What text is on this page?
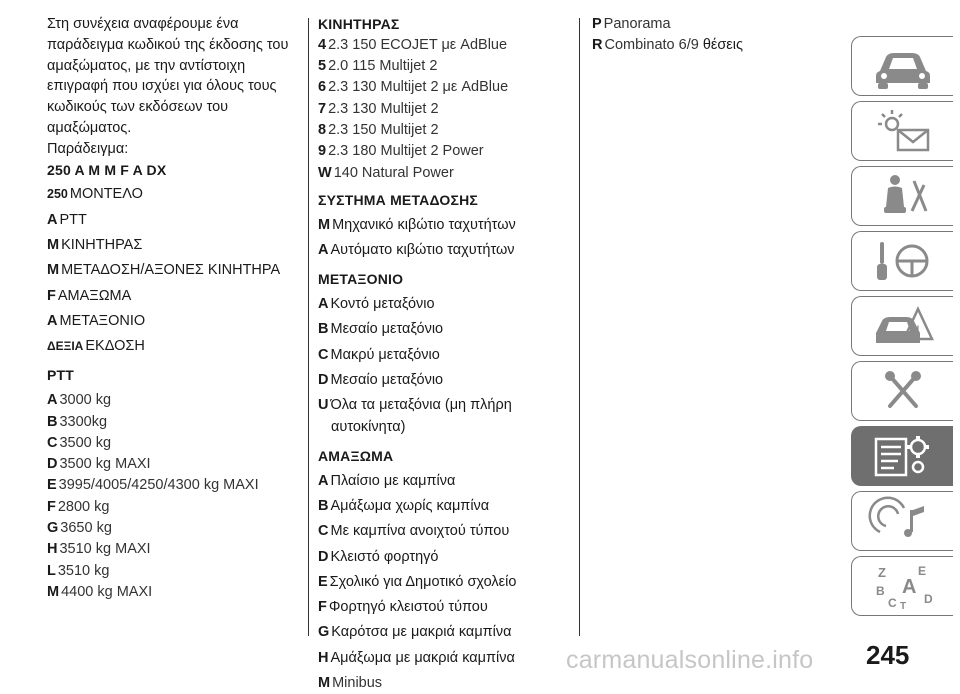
Στη συνέχεια αναφέρουμε ένα

παράδειγμα κωδικού της έκδοσης του

αμαξώματος, με την αντίστοιχη

επιγραφή που ισχύει για όλους τους

κωδικούς των εκδόσεων του

αμαξώματος.

Παράδειγμα:

250 A M M F A DX

250 ΜΟΝΤΕΛΟ
A PTT
M ΚΙΝΗΤΗΡΑΣ
M ΜΕΤΑΔΟΣΗ/ΑΞΟΝΕΣ ΚΙΝΗΤΗΡΑ
F ΑΜΑΞΩΜΑ
A ΜΕΤΑΞΟΝΙΟ
ΔΕΞΙΑ ΕΚΔΟΣΗ

PTT

A 3000 kg
B 3300kg
C 3500 kg
D 3500 kg MAXI
E 3995/4005/4250/4300 kg MAXI
F 2800 kg
G 3650 kg
H 3510 kg MAXI
L 3510 kg
M 4400 kg MAXI

ΚΙΝΗΤΗΡΑΣ

4 2.3 150 ECOJET με AdBlue
5 2.0 115 Multijet 2
6 2.3 130 Multijet 2 με AdBlue
7 2.3 130 Multijet 2
8 2.3 150 Multijet 2
9 2.3 180 Multijet 2 Power
W 140 Natural Power

ΣΥΣΤΗΜΑ ΜΕΤΑΔΟΣΗΣ

M Μηχανικό κιβώτιο ταχυτήτων
A Αυτόματο κιβώτιο ταχυτήτων

ΜΕΤΑΞΟΝΙΟ

A Κοντό μεταξόνιο
B Μεσαίο μεταξόνιο
C Μακρύ μεταξόνιο
D Μεσαίο μεταξόνιο
U Όλα τα μεταξόνια (μη πλήρη
αυτοκίνητα)

ΑΜΑΞΩΜΑ

A Πλαίσιο με καμπίνα
B Αμάξωμα χωρίς καμπίνα
C Με καμπίνα ανοιχτού τύπου
D Κλειστό φορτηγό
E Σχολικό για Δημοτικό σχολείο
F Φορτηγό κλειστού τύπου
G Καρότσα με μακριά καμπίνα
H Αμάξωμα με μακριά καμπίνα
M Minibus
P Panorama
R Combinato 6/9 θέσεις
!
Z	E
B A
C D
T
carmanualsonline.info 245
